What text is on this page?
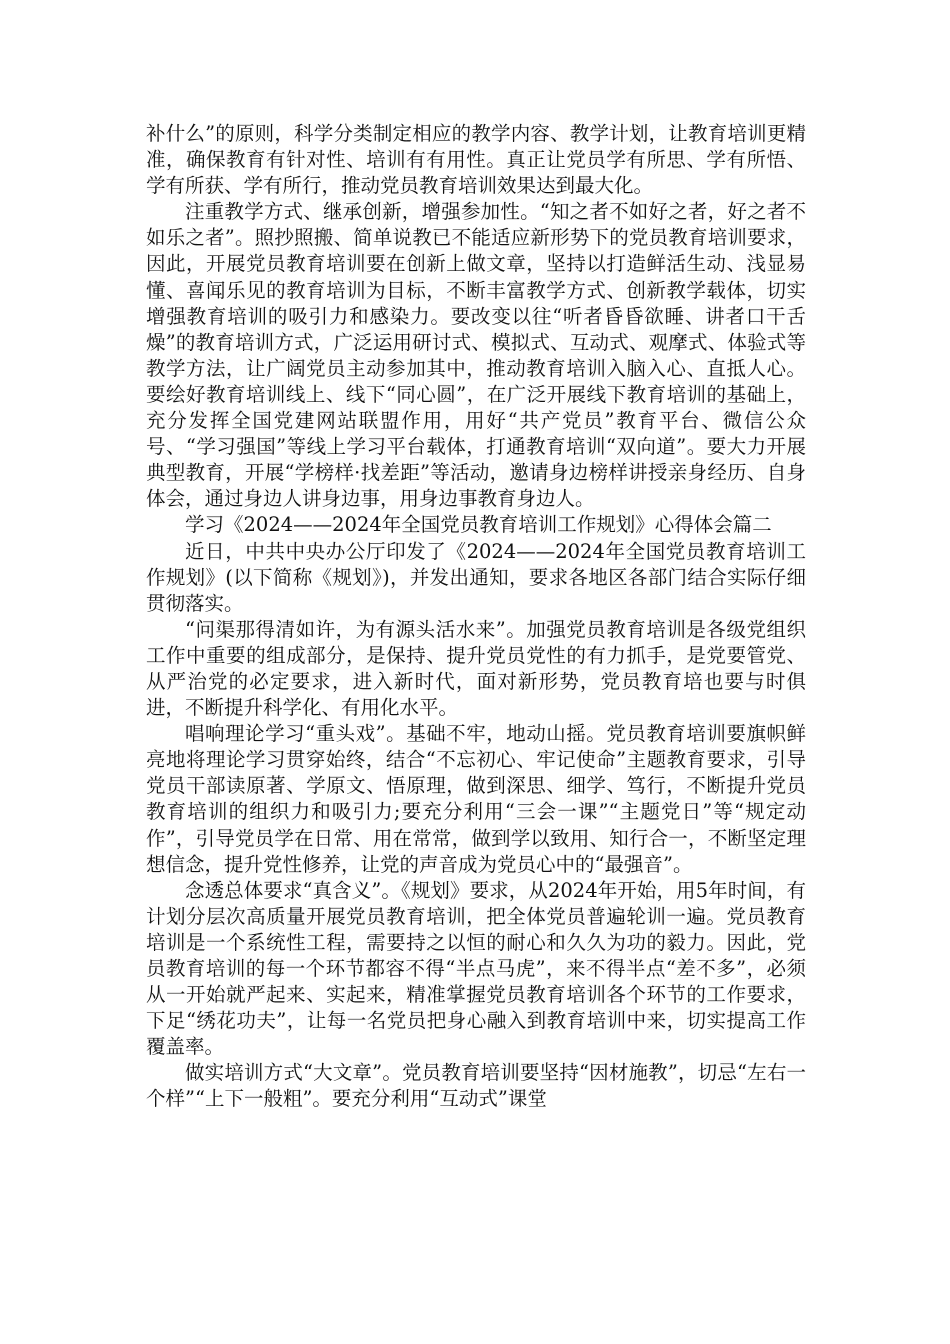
补什么”的原则，科学分类制定相应的教学内容、教学计划，让教育培训更精准，确保教育有针对性、培训有有用性。真正让党员学有所思、学有所悟、学有所获、学有所行，推动党员教育培训效果达到最大化。

注重教学方式、继承创新，增强参加性。“知之者不如好之者，好之者不如乐之者”。照抄照搬、简单说教已不能适应新形势下的党员教育培训要求，因此，开展党员教育培训要在创新上做文章，坚持以打造鲜活生动、浅显易懂、喜闻乐见的教育培训为目标，不断丰富教学方式、创新教学载体，切实增强教育培训的吸引力和感染力。要改变以往“听者昏昏欲睡、讲者口干舌燥”的教育培训方式，广泛运用研讨式、模拟式、互动式、观摩式、体验式等教学方法，让广阔党员主动参加其中，推动教育培训入脑入心、直抵人心。要绘好教育培训线上、线下“同心圆”，在广泛开展线下教育培训的基础上，充分发挥全国党建网站联盟作用，用好“共产党员”教育平台、微信公众号、“学习强国”等线上学习平台载体，打通教育培训“双向道”。要大力开展典型教育，开展“学榜样·找差距”等活动，邀请身边榜样讲授亲身经历、自身体会，通过身边人讲身边事，用身边事教育身边人。

学习《2024——2024年全国党员教育培训工作规划》心得体会篇二

近日，中共中央办公厅印发了《2024——2024年全国党员教育培训工作规划》(以下简称《规划》)，并发出通知，要求各地区各部门结合实际仔细贯彻落实。

“问渠那得清如许，为有源头活水来”。加强党员教育培训是各级党组织工作中重要的组成部分，是保持、提升党员党性的有力抓手，是党要管党、从严治党的必定要求，进入新时代，面对新形势，党员教育培也要与时俱进，不断提升科学化、有用化水平。

唱响理论学习“重头戏”。基础不牢，地动山摇。党员教育培训要旗帜鲜亮地将理论学习贯穿始终，结合“不忘初心、牢记使命”主题教育要求，引导党员干部读原著、学原文、悟原理，做到深思、细学、笃行，不断提升党员教育培训的组织力和吸引力;要充分利用“三会一课”“主题党日”等“规定动作”，引导党员学在日常、用在常常，做到学以致用、知行合一，不断坚定理想信念，提升党性修养，让党的声音成为党员心中的“最强音”。

念透总体要求“真含义”。《规划》要求，从2024年开始，用5年时间，有计划分层次高质量开展党员教育培训，把全体党员普遍轮训一遍。党员教育培训是一个系统性工程，需要持之以恒的耐心和久久为功的毅力。因此，党员教育培训的每一个环节都容不得“半点马虎”，来不得半点“差不多”，必须从一开始就严起来、实起来，精准掌握党员教育培训各个环节的工作要求，下足“绣花功夫”，让每一名党员把身心融入到教育培训中来，切实提高工作覆盖率。

做实培训方式“大文章”。党员教育培训要坚持“因材施教”，切忌“左右一个样”“上下一般粗”。要充分利用“互动式”课堂
